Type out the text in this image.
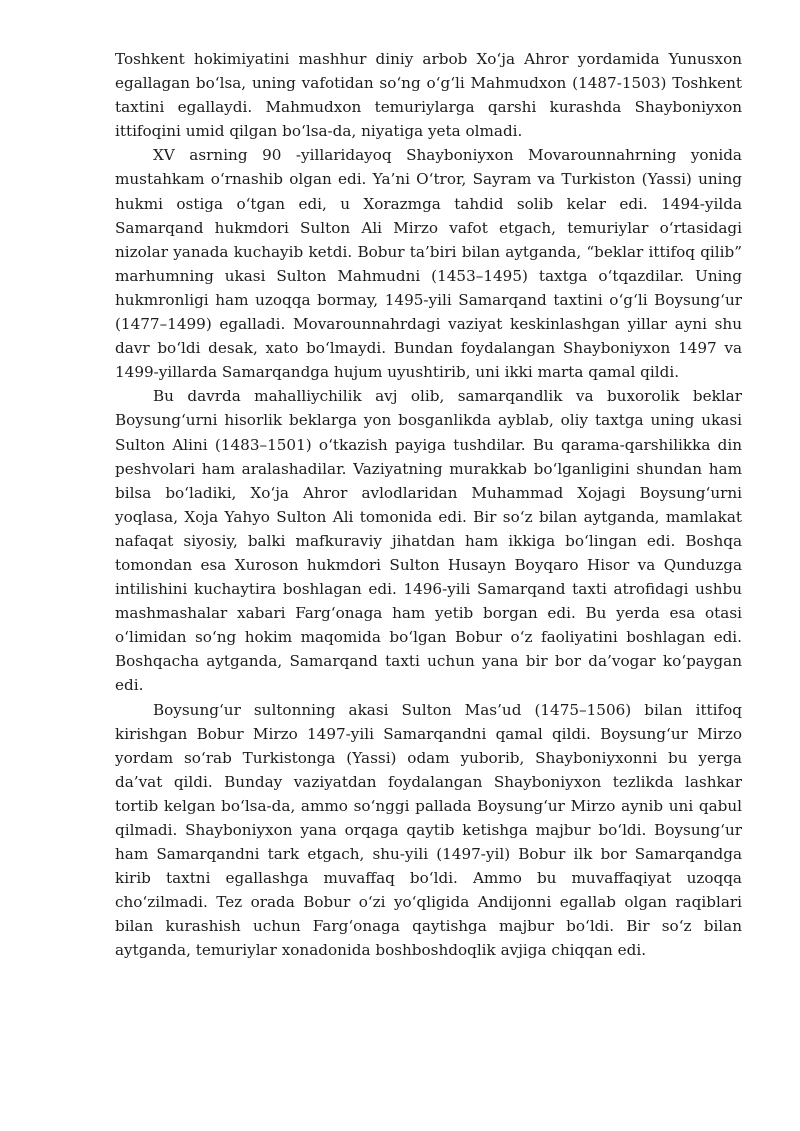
Toshkent hokimiyatini mashhur diniy arbob Xo‘ja Ahror yordamida Yunusxon egallagan bo‘lsa, uning vafotidan so‘ng o‘g‘li Mahmudxon (1487-1503) Toshkent taxtini egallaydi. Mahmudxon temuriylarga qarshi kurashda Shayboniyxon ittifoqini umid qilgan bo‘lsa-da, niyatiga yeta olmadi.

XV asrning 90 -yillaridayoq Shayboniyxon Movarounnahrning yonida mustahkam o‘rnashib olgan edi. Ya’ni O‘tror, Sayram va Turkiston (Yassi) uning hukmi ostiga o‘tgan edi, u Xorazmga tahdid solib kelar edi. 1494-yilda Samarqand hukmdori Sulton Ali Mirzo vafot etgach, temuriylar o‘rtasidagi nizolar yanada kuchayib ketdi. Bobur ta’biri bilan aytganda, “beklar ittifoq qilib” marhumning ukasi Sulton Mahmudni (1453–1495) taxtga o‘tqazdilar. Uning hukmronligi ham uzoqqa bormay, 1495-yili Samarqand taxtini o‘g‘li Boysung‘ur (1477–1499) egalladi. Movarounnahrdagi vaziyat keskinlashgan yillar ayni shu davr bo‘ldi desak, xato bo‘lmaydi. Bundan foydalangan Shayboniyxon 1497 va 1499-yillarda Samarqandga hujum uyushtirib, uni ikki marta qamal qildi.

Bu davrda mahalliychilik avj olib, samarqandlik va buxorolik beklar Boysung‘urni hisorlik beklarga yon bosganlikda ayblab, oliy taxtga uning ukasi Sulton Alini (1483–1501) o‘tkazish payiga tushdilar. Bu qarama-qarshilikka din peshvolari ham aralashadilar. Vaziyatning murakkab bo‘lganligini shundan ham bilsa bo‘ladiki, Xo‘ja Ahror avlodlaridan Muhammad Xojagi Boysung‘urni yoqlasa, Xoja Yahyo Sulton Ali tomonida edi. Bir so‘z bilan aytganda, mamlakat nafaqat siyosiy, balki mafkuraviy jihatdan ham ikkiga bo‘lingan edi. Boshqa tomondan esa Xuroson hukmdori Sulton Husayn Boyqaro Hisor va Qunduzga intilishini kuchaytira boshlagan edi. 1496-yili Samarqand taxti atrofidagi ushbu mashmashalar xabari Farg‘onaga ham yetib borgan edi. Bu yerda esa otasi o‘limidan so‘ng hokim maqomida bo‘lgan Bobur o‘z faoliyatini boshlagan edi. Boshqacha aytganda, Samarqand taxti uchun yana bir bor da’vogar ko‘paygan edi.

Boysung‘ur sultonning akasi Sulton Mas’ud (1475–1506) bilan ittifoq kirishgan Bobur Mirzo 1497-yili Samarqandni qamal qildi. Boysung‘ur Mirzo yordam so‘rab Turkistonga (Yassi) odam yuborib, Shayboniyxonni bu yerga da’vat qildi. Bunday vaziyatdan foydalangan Shayboniyxon tezlikda lashkar tortib kelgan bo‘lsa-da, ammo so‘nggi pallada Boysung‘ur Mirzo aynib uni qabul qilmadi. Shayboniyxon yana orqaga qaytib ketishga majbur bo‘ldi. Boysung‘ur ham Samarqandni tark etgach, shu-yili (1497-yil) Bobur ilk bor Samarqandga kirib taxtni egallashga muvaffaq bo‘ldi. Ammo bu muvaffaqiyat uzoqqa cho‘zilmadi. Tez orada Bobur o‘zi yo‘qligida Andijonni egallab olgan raqiblari bilan kurashish uchun Farg‘onaga qaytishga majbur bo‘ldi. Bir so‘z bilan aytganda, temuriylar xonadonida boshboshdoqlik avjiga chiqqan edi.
